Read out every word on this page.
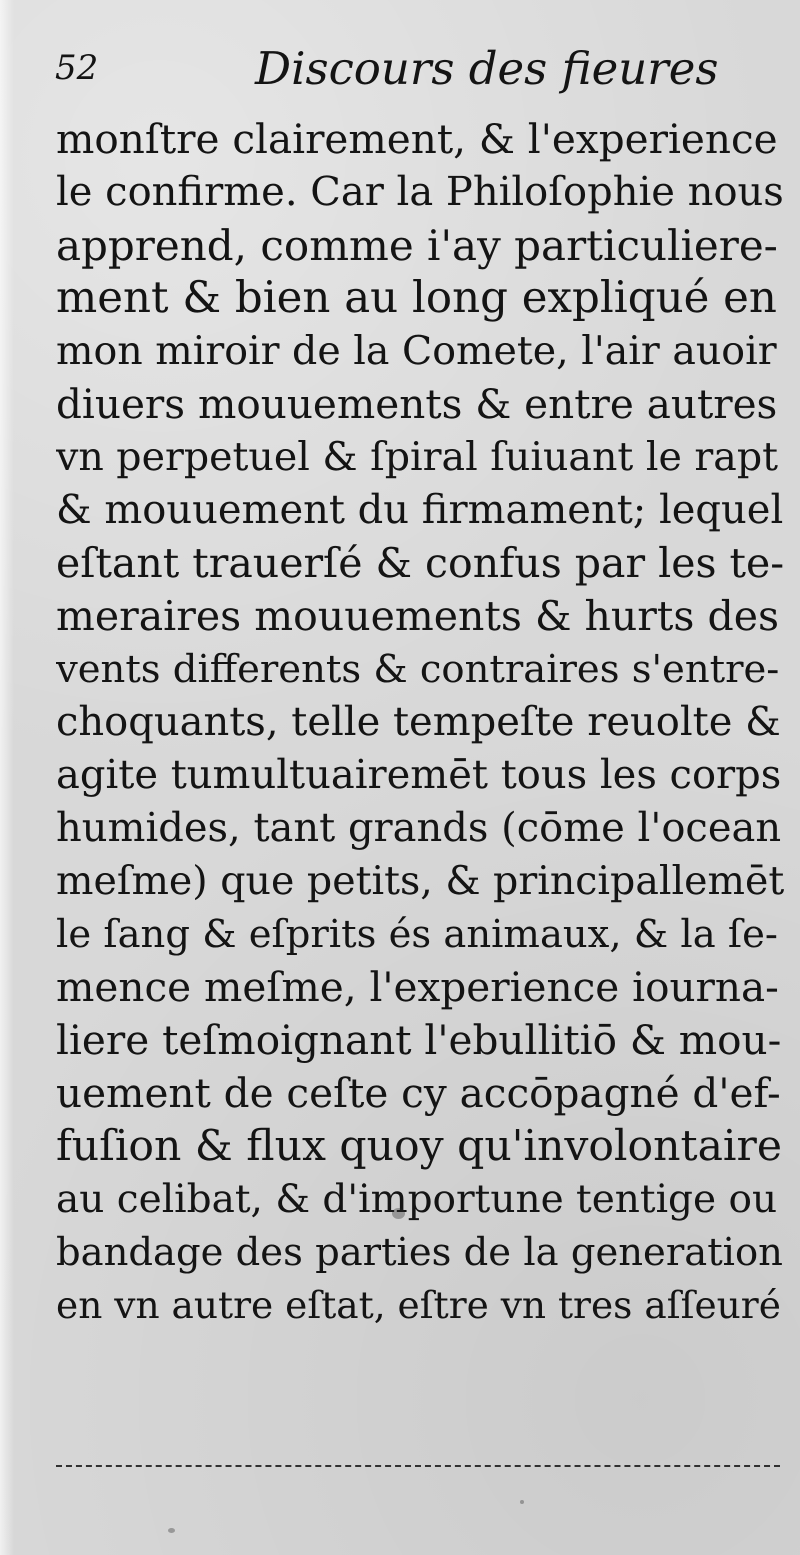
52	Discours des fieures
monſtre clairement, & l'experience
le confirme. Car la Philoſophie nous
apprend, comme i'ay particuliere-
ment & bien au long expliqué en
mon miroir de la Comete, l'air auoir
diuers mouuements & entre autres
vn perpetuel & ſpiral ſuiuant le rapt
& mouuement du firmament; lequel
eſtant trauerſé & confus par les te-
meraires mouuements & hurts des
vents differents & contraires s'entre-
choquants, telle tempeſte reuolte &
agite tumultuairemēt tous les corps
humides, tant grands (cōme l'ocean
meſme) que petits, & principallemēt
le ſang & eſprits és animaux, & la ſe-
mence meſme, l'experience iourna-
liere teſmoignant l'ebullitiō & mou-
uement de ceſte cy accōpagné d'ef-
fuſion & flux quoy qu'involontaire
au celibat, & d'importune tentige ou
bandage des parties de la generation
en vn autre eſtat, eſtre vn tres aſſeuré
